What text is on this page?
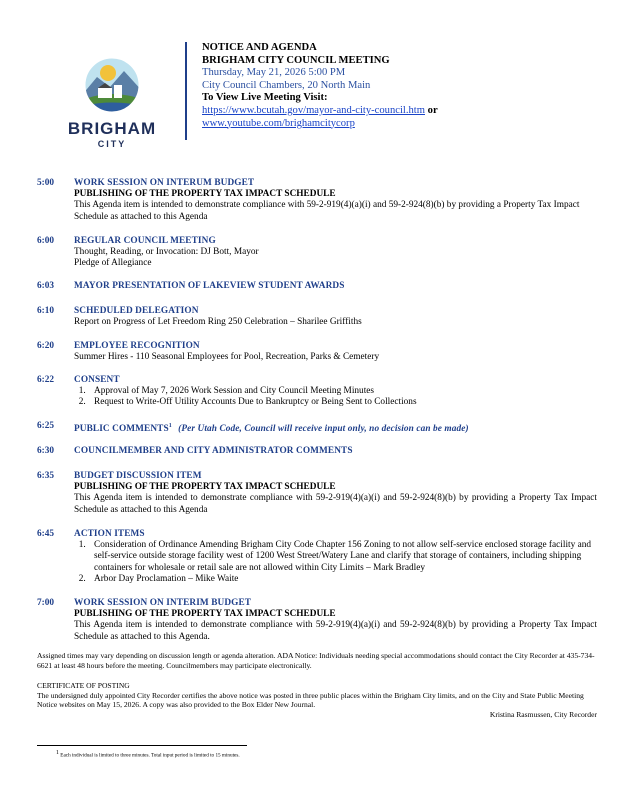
BRIGHAM
CITY
NOTICE AND AGENDA
BRIGHAM CITY COUNCIL MEETING
Thursday, May 21, 2026 5:00 PM
City Council Chambers, 20 North Main
To View Live Meeting Visit:
https://www.bcutah.gov/mayor-and-city-council.htm or
www.youtube.com/brighamcitycorp
5:00	WORK SESSION ON INTERUM BUDGET
PUBLISHING OF THE PROPERTY TAX IMPACT SCHEDULE
This Agenda item is intended to demonstrate compliance with 59-2-919(4)(a)(i) and 59-2-924(8)(b) by providing a Property Tax Impact Schedule as attached to this Agenda
6:00	REGULAR COUNCIL MEETING
Thought, Reading, or Invocation: DJ Bott, Mayor
Pledge of Allegiance
6:03	MAYOR PRESENTATION OF LAKEVIEW STUDENT AWARDS
6:10	SCHEDULED DELEGATION
Report on Progress of Let Freedom Ring 250 Celebration – Sharilee Griffiths
6:20	EMPLOYEE RECOGNITION
Summer Hires - 110 Seasonal Employees for Pool, Recreation, Parks & Cemetery
6:22	CONSENT
1. Approval of May 7, 2026 Work Session and City Council Meeting Minutes
2. Request to Write-Off Utility Accounts Due to Bankruptcy or Being Sent to Collections
6:25	PUBLIC COMMENTS$^1$ (Per Utah Code, Council will receive input only, no decision can be made)
6:30	COUNCILMEMBER AND CITY ADMINISTRATOR COMMENTS
6:35	BUDGET DISCUSSION ITEM
PUBLISHING OF THE PROPERTY TAX IMPACT SCHEDULE
This Agenda item is intended to demonstrate compliance with 59-2-919(4)(a)(i) and 59-2-924(8)(b) by providing a Property Tax Impact Schedule as attached to this Agenda
6:45	ACTION ITEMS
1. Consideration of Ordinance Amending Brigham City Code Chapter 156 Zoning to not allow self-service enclosed storage facility and self-service outside storage facility west of 1200 West Street/Watery Lane and clarify that storage of containers, including shipping containers for wholesale or retail sale are not allowed within City Limits – Mark Bradley
2. Arbor Day Proclamation – Mike Waite
7:00	WORK SESSION ON INTERIM BUDGET
PUBLISHING OF THE PROPERTY TAX IMPACT SCHEDULE
This Agenda item is intended to demonstrate compliance with 59-2-919(4)(a)(i) and 59-2-924(8)(b) by providing a Property Tax Impact Schedule as attached to this Agenda.
Assigned times may vary depending on discussion length or agenda alteration. ADA Notice: Individuals needing special accommodations should contact the City Recorder at 435-734-6621 at least 48 hours before the meeting. Councilmembers may participate electronically.
CERTIFICATE OF POSTING
The undersigned duly appointed City Recorder certifies the above notice was posted in three public places within the Brigham City limits, and on the City and State Public Meeting Notice websites on May 15, 2026. A copy was also provided to the Box Elder New Journal.
Kristina Rasmussen, City Recorder
$^1$ Each individual is limited to three minutes. Total input period is limited to 15 minutes.
